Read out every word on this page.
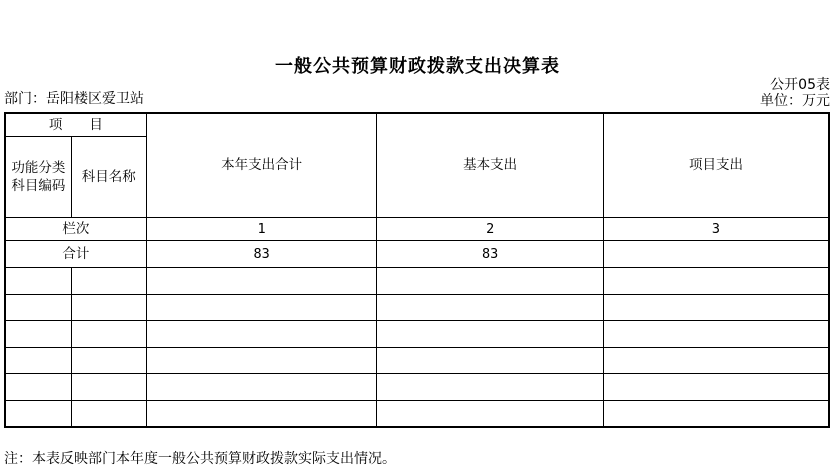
一般公共预算财政拨款支出决算表
部门：岳阳楼区爱卫站
公开05表
单位：万元
项　　目		本年支出合计	基本支出	项目支出

功能分类
科目编码	科目名称			
栏次		1	2	3
合计		83	83	

注：本表反映部门本年度一般公共预算财政拨款实际支出情况。
